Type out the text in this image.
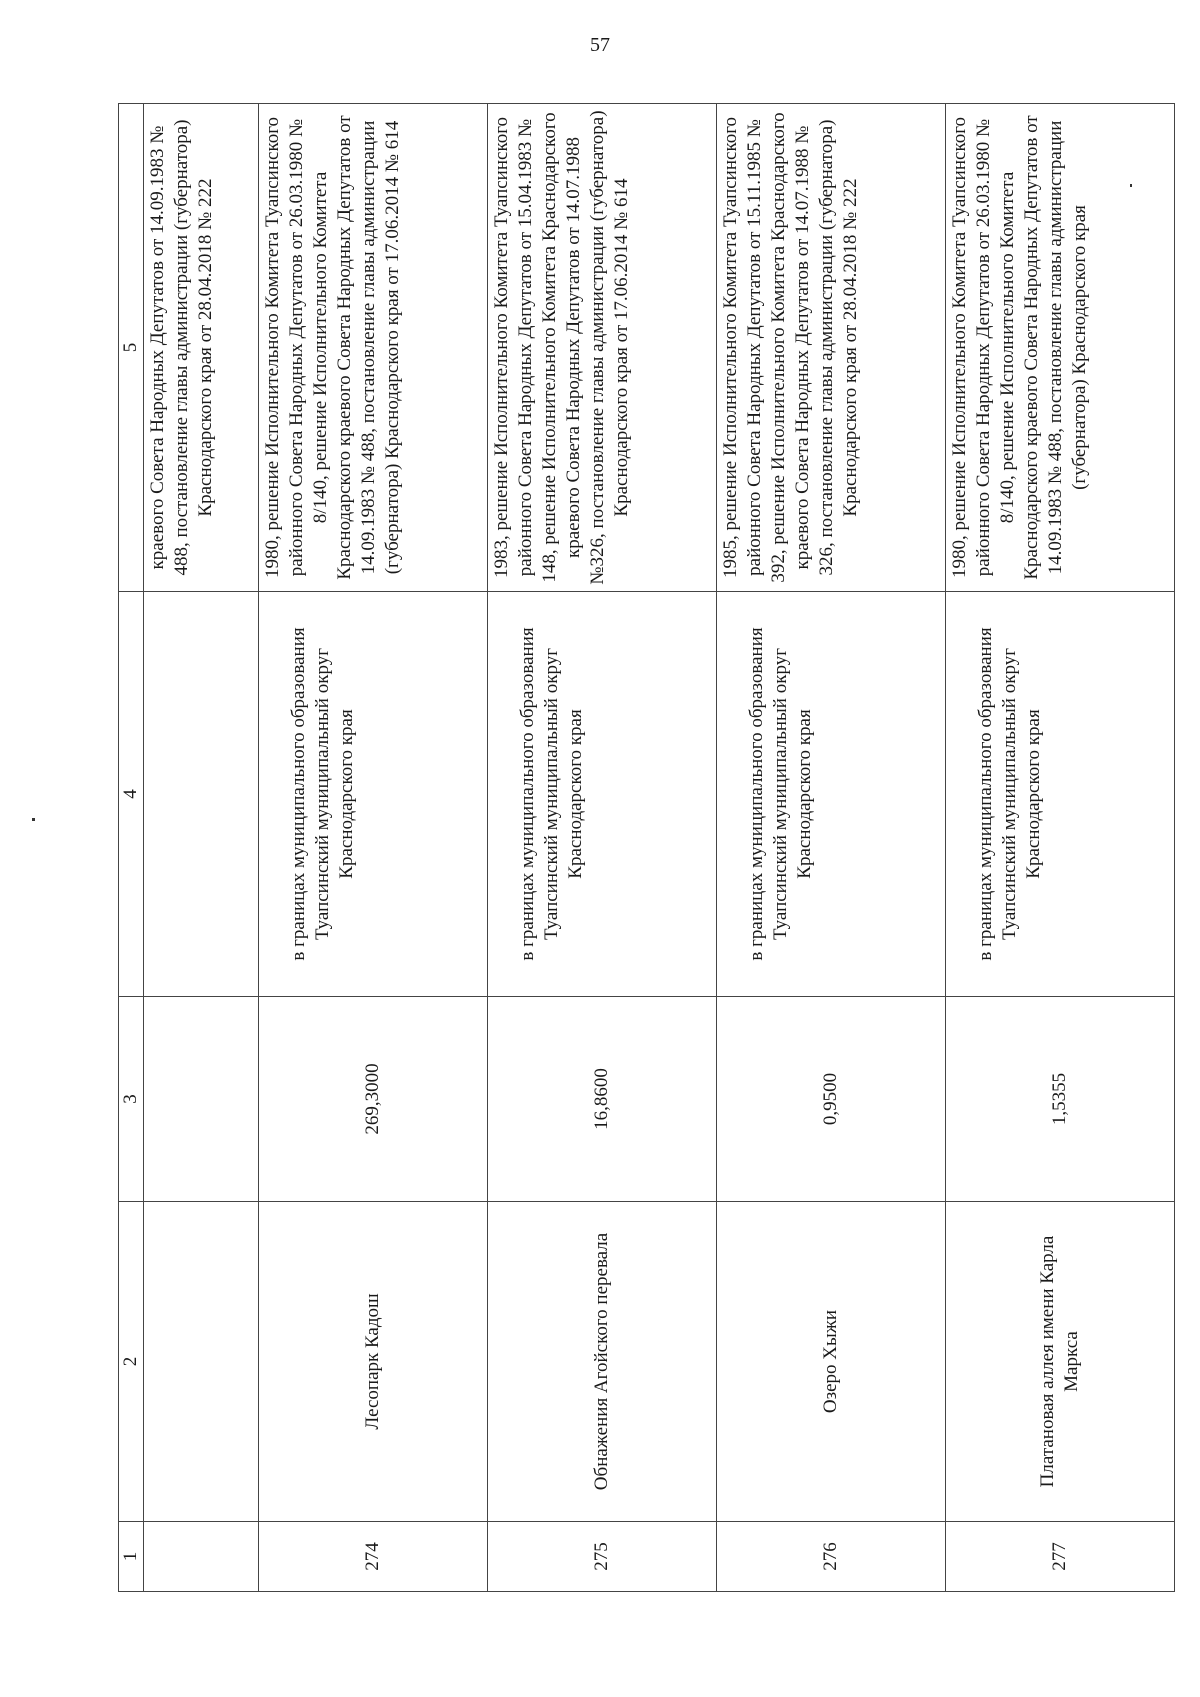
57
1	2	3	4	5
				краевого Совета Народных Депутатов от 14.09.1983 № 488, постановление главы администрации (губернатора) Краснодарского края от 28.04.2018 № 222
274	Лесопарк Кадош	269,3000	в границах муниципального образования Туапсинский муниципальный округ Краснодарского края	1980, решение Исполнительного Комитета Туапсинского районного Совета Народных Депутатов от 26.03.1980 № 8/140, решение Исполнительного Комитета Краснодарского краевого Совета Народных Депутатов от 14.09.1983 № 488, постановление главы администрации (губернатора) Краснодарского края от 17.06.2014 № 614
275	Обнажения Агойского перевала	16,8600	в границах муниципального образования Туапсинский муниципальный округ Краснодарского края	1983, решение Исполнительного Комитета Туапсинского районного Совета Народных Депутатов от 15.04.1983 № 148, решение Исполнительного Комитета Краснодарского краевого Совета Народных Депутатов от 14.07.1988 №326, постановление главы администрации (губернатора) Краснодарского края от 17.06.2014 № 614
276	Озеро Хыжи	0,9500	в границах муниципального образования Туапсинский муниципальный округ Краснодарского края	1985, решение Исполнительного Комитета Туапсинского районного Совета Народных Депутатов от 15.11.1985 № 392, решение Исполнительного Комитета Краснодарского краевого Совета Народных Депутатов от 14.07.1988 № 326, постановление главы администрации (губернатора) Краснодарского края от 28.04.2018 № 222
277	Платановая аллея имени Карла Маркса	1,5355	в границах муниципального образования Туапсинский муниципальный округ Краснодарского края	1980, решение Исполнительного Комитета Туапсинского районного Совета Народных Депутатов от 26.03.1980 № 8/140, решение Исполнительного Комитета Краснодарского краевого Совета Народных Депутатов от 14.09.1983 № 488, постановление главы администрации (губернатора) Краснодарского края
